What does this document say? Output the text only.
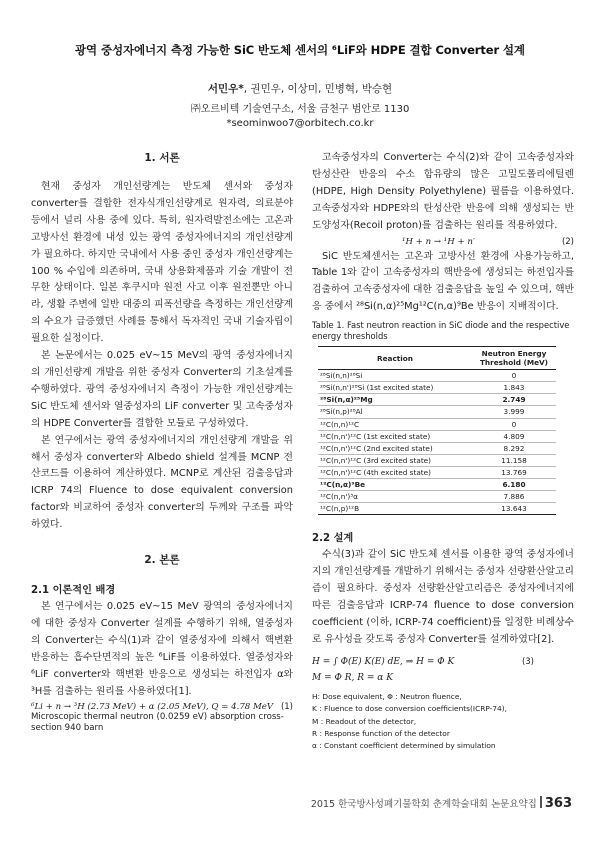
광역 중성자에너지 측정 가능한 SiC 반도체 센서의 ⁶LiF와 HDPE 결합 Converter 설계
서민우*, 권민우, 이상미, 민병혁, 박승현
㈜오르비텍 기술연구소, 서울 금천구 범안로 1130
*seominwoo7@orbitech.co.kr
1. 서론

현재 중성자 개인선량계는 반도체 센서와 중성자 converter를 결합한 전자식개인선량계로 원자력, 의료분야 등에서 널리 사용 중에 있다. 특히, 원자력발전소에는 고온과 고방사선 환경에 내성 있는 광역 중성자에너지의 개인선량계가 필요하다. 하지만 국내에서 사용 중인 중성자 개인선량계는 100 % 수입에 의존하며, 국내 상용화제품과 기술 개발이 전무한 상태이다. 일본 후쿠시마 원전 사고 이후 원전뿐만 아니라, 생활 주변에 일반 대중의 피폭선량을 측정하는 개인선량계의 수요가 급증했던 사례를 통해서 독자적인 국내 기술자립이 필요한 실정이다.

본 논문에서는 0.025 eV~15 MeV의 광역 중성자에너지의 개인선량계 개발을 위한 중성자 Converter의 기초설계를 수행하였다. 광역 중성자에너지 측정이 가능한 개인선량계는 SiC 반도체 센서와 열중성자의 LiF converter 및 고속중성자의 HDPE Converter를 결합한 모듈로 구성하였다.

본 연구에서는 광역 중성자에너지의 개인선량계 개발을 위해서 중성자 converter와 Albedo shield 설계를 MCNP 전산코드를 이용하여 계산하였다. MCNP로 계산된 검출응답과 ICRP 74의 Fluence to dose equivalent conversion factor와 비교하여 중성자 converter의 두께와 구조를 파악하였다.

2. 본론
2.1 이론적인 배경

본 연구에서는 0.025 eV~15 MeV 광역의 중성자에너지에 대한 중성자 Converter 설계를 수행하기 위해, 열중성자의 Converter는 수식(1)과 같이 열중성자에 의해서 핵변환 반응하는 흡수단면적의 높은 ⁶LiF를 이용하였다. 열중성자와 ⁶LiF converter와 핵변환 반응으로 생성되는 하전입자 α와 ³H를 검출하는 원리를 사용하였다[1].

⁶Li + n → ³H (2.73 MeV) + α (2.05 MeV), Q = 4.78 MeV (1)
Microscopic thermal neutron (0.0259 eV) absorption cross-section 940 barn

고속중성자의 Converter는 수식(2)와 같이 고속중성자와 탄성산란 반응의 수소 함유량의 많은 고밀도폴리에틸렌 (HDPE, High Density Polyethylene) 필름을 이용하였다. 고속중성자와 HDPE와의 탄성산란 반응에 의해 생성되는 반도양성자(Recoil proton)를 검출하는 원리를 적용하였다.

¹H + n → ¹H + n′	(2)

SiC 반도체센서는 고온과 고방사선 환경에 사용가능하고, Table 1와 같이 고속중성자의 핵반응에 생성되는 하전입자를 검출하여 고속중성자에 대한 검출응답을 높일 수 있으며, 핵반응 중에서 ²⁸Si(n,α)²⁵Mg¹²C(n,α)⁹Be 반응이 지배적이다.

Table 1. Fast neutron reaction in SiC diode and the respective energy thresholds
Reaction	Neutron Energy Threshold (MeV)
²⁸Si(n,n)²⁸Si	0
²⁸Si(n,n')²⁸Si (1st excited state)	1.843
²⁸Si(n,α)²⁵Mg	2.749
²⁸Si(n,p)²⁸Al	3.999
¹²C(n,n)¹²C	0
¹²C(n,n')¹²C (1st excited state)	4.809
¹²C(n,n')¹²C (2nd excited state)	8.292
¹²C(n,n')¹²C (3rd excited state)	11.158
¹²C(n,n')¹²C (4th excited state)	13.769
¹²C(n,α)⁹Be	6.180
¹²C(n,n')³α	7.886
¹²C(n,p)¹²B	13.643
2.2 설계

수식(3)과 같이 SiC 반도체 센서를 이용한 광역 중성자에너지의 개인선량계를 개발하기 위해서는 중성자 선량환산알고리즘이 필요하다. 중성자 선량환산알고리즘은 중성자에너지에 따른 검출응답과 ICRP-74 fluence to dose conversion coefficient (이하, ICRP-74 coefficient)를 일정한 비례상수로 유사성을 갖도록 중성자 Converter를 설계하였다[2].

H = ∫ Φ(E) K(E) dE, ⇒ H = Φ K	(3)
M = Φ R, R = α K

H: Dose equivalent, Φ : Neutron fluence,

K : Fluence to dose conversion coefficients(ICRP-74),

M : Readout of the detector,

R : Response function of the detector

α : Constant coefficient determined by simulation

2015 한국방사성폐기물학회 춘계학술대회 논문요약집 363
